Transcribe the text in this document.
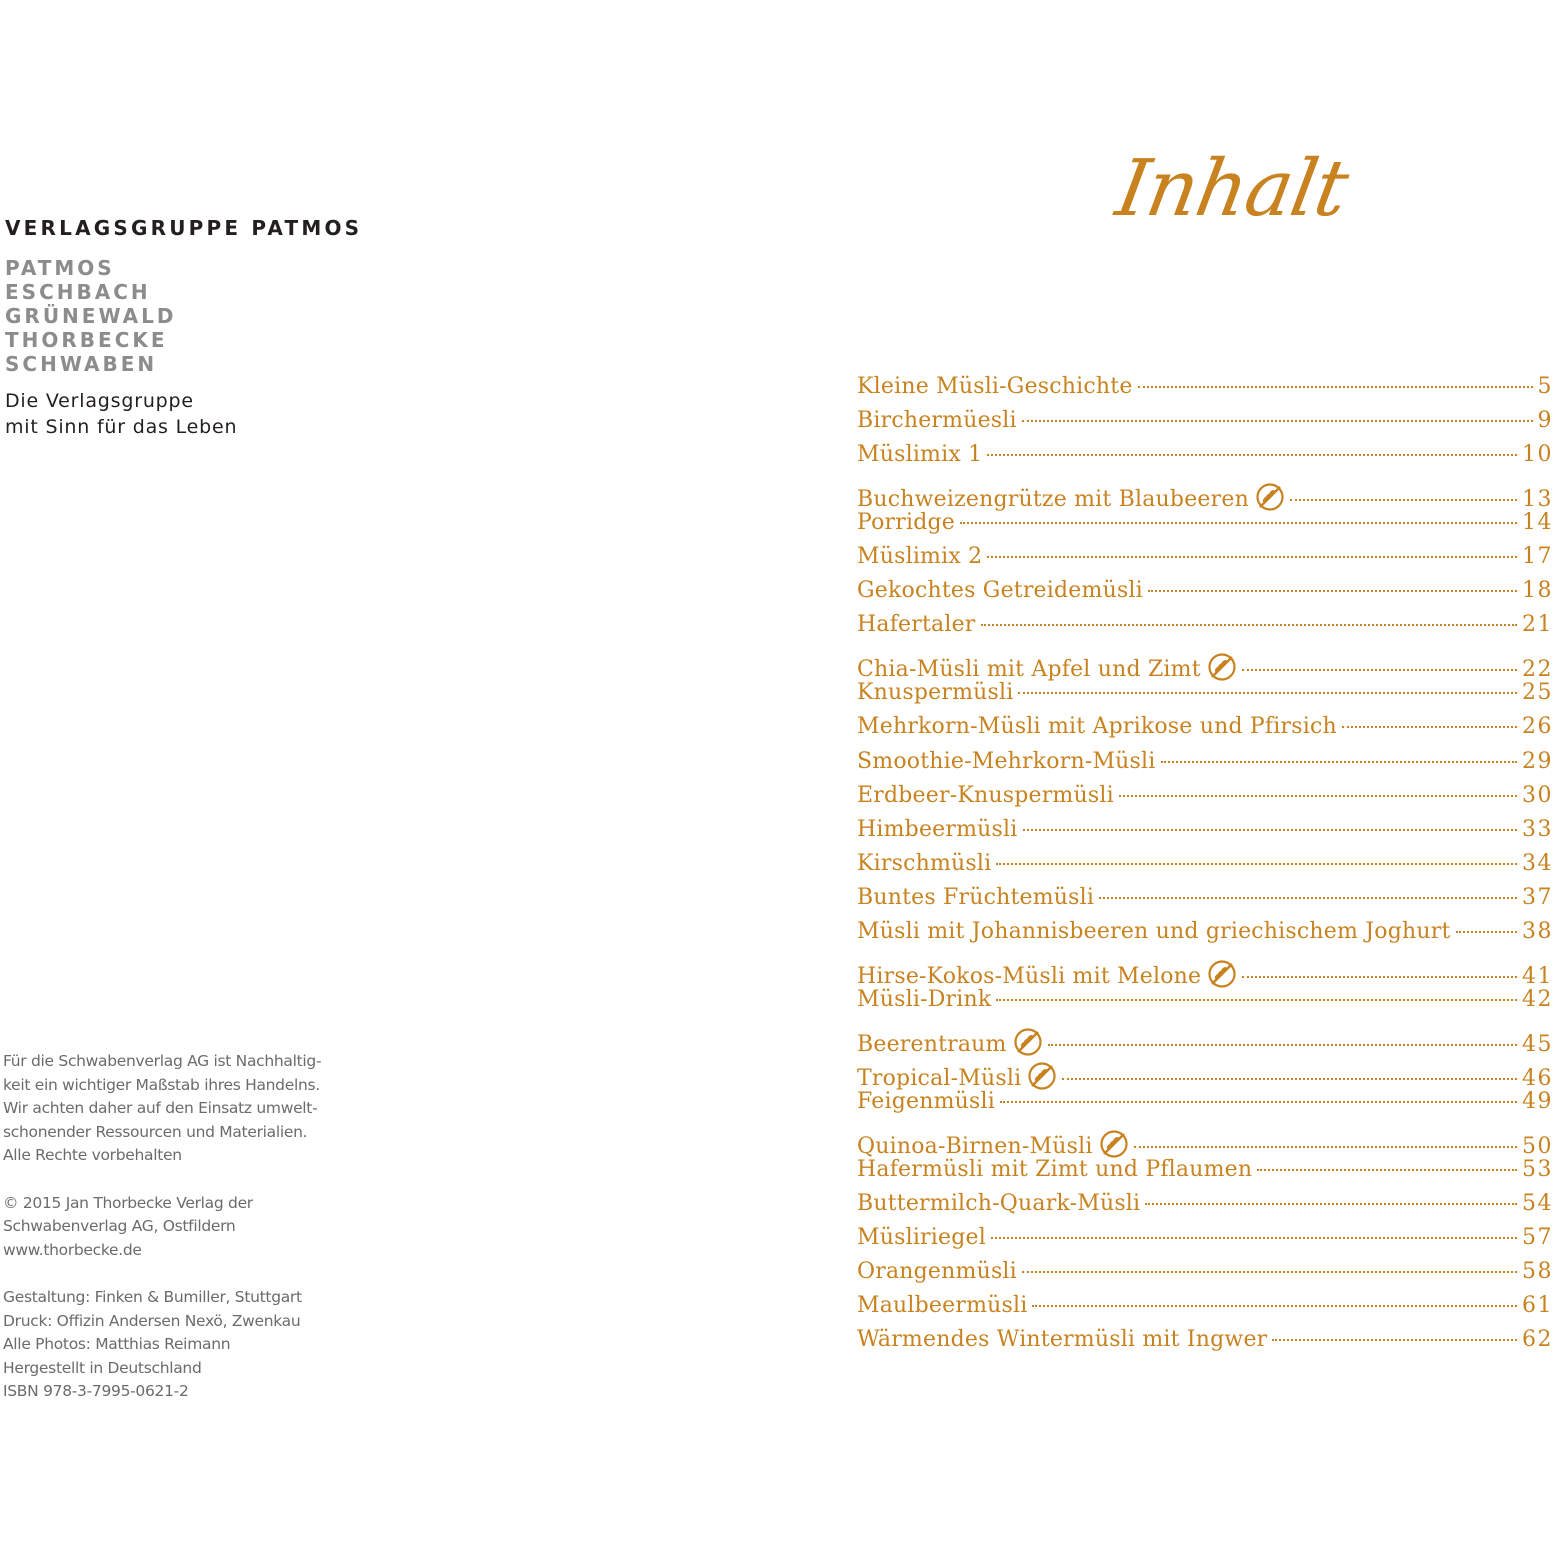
VERLAGSGRUPPE PATMOS
PATMOS
ESCHBACH
GRÜNEWALD
THORBECKE
SCHWABEN
Die Verlagsgruppe
mit Sinn für das Leben
Für die Schwabenverlag AG ist Nachhaltig-
keit ein wichtiger Maßstab ihres Handelns.
Wir achten daher auf den Einsatz umwelt-
schonender Ressourcen und Materialien.
Alle Rechte vorbehalten
© 2015 Jan Thorbecke Verlag der
Schwabenverlag AG, Ostfildern
www.thorbecke.de
Gestaltung: Finken & Bumiller, Stuttgart
Druck: Offizin Andersen Nexö, Zwenkau
Alle Photos: Matthias Reimann
Hergestellt in Deutschland
ISBN 978-3-7995-0621-2
Inhalt
Kleine Müsli-Geschichte	5
Birchermüesli	9
Müslimix 1	10
Buchweizengrütze mit Blaubeeren	13
Porridge	14
Müslimix 2	17
Gekochtes Getreidemüsli	18
Hafertaler	21
Chia-Müsli mit Apfel und Zimt	22
Knuspermüsli	25
Mehrkorn-Müsli mit Aprikose und Pfirsich	26
Smoothie-Mehrkorn-Müsli	29
Erdbeer-Knuspermüsli	30
Himbeermüsli	33
Kirschmüsli	34
Buntes Früchtemüsli	37
Müsli mit Johannisbeeren und griechischem Joghurt	38
Hirse-Kokos-Müsli mit Melone	41
Müsli-Drink	42
Beerentraum	45
Tropical-Müsli	46
Feigenmüsli	49
Quinoa-Birnen-Müsli	50
Hafermüsli mit Zimt und Pflaumen	53
Buttermilch-Quark-Müsli	54
Müsliriegel	57
Orangenmüsli	58
Maulbeermüsli	61
Wärmendes Wintermüsli mit Ingwer	62
